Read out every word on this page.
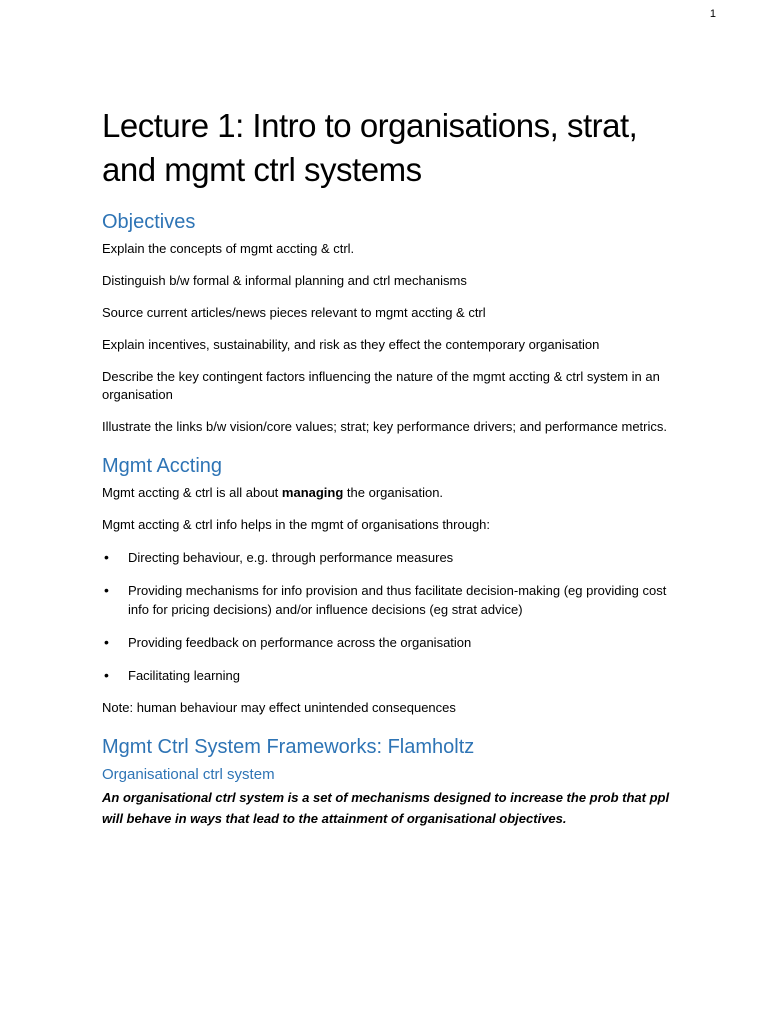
1
Lecture 1: Intro to organisations, strat, and mgmt ctrl systems
Objectives

Explain the concepts of mgmt accting & ctrl.

Distinguish b/w formal & informal planning and ctrl mechanisms

Source current articles/news pieces relevant to mgmt accting & ctrl

Explain incentives, sustainability, and risk as they effect the contemporary organisation

Describe the key contingent factors influencing the nature of the mgmt accting & ctrl system in an organisation

Illustrate the links b/w vision/core values; strat; key performance drivers; and performance metrics.

Mgmt Accting

Mgmt accting & ctrl is all about managing the organisation.

Mgmt accting & ctrl info helps in the mgmt of organisations through:

• Directing behaviour, e.g. through performance measures
• Providing mechanisms for info provision and thus facilitate decision-making (eg providing cost info for pricing decisions) and/or influence decisions (eg strat advice)
• Providing feedback on performance across the organisation
• Facilitating learning

Note: human behaviour may effect unintended consequences

Mgmt Ctrl System Frameworks: Flamholtz
Organisational ctrl system

An organisational ctrl system is a set of mechanisms designed to increase the prob that ppl will behave in ways that lead to the attainment of organisational objectives.
